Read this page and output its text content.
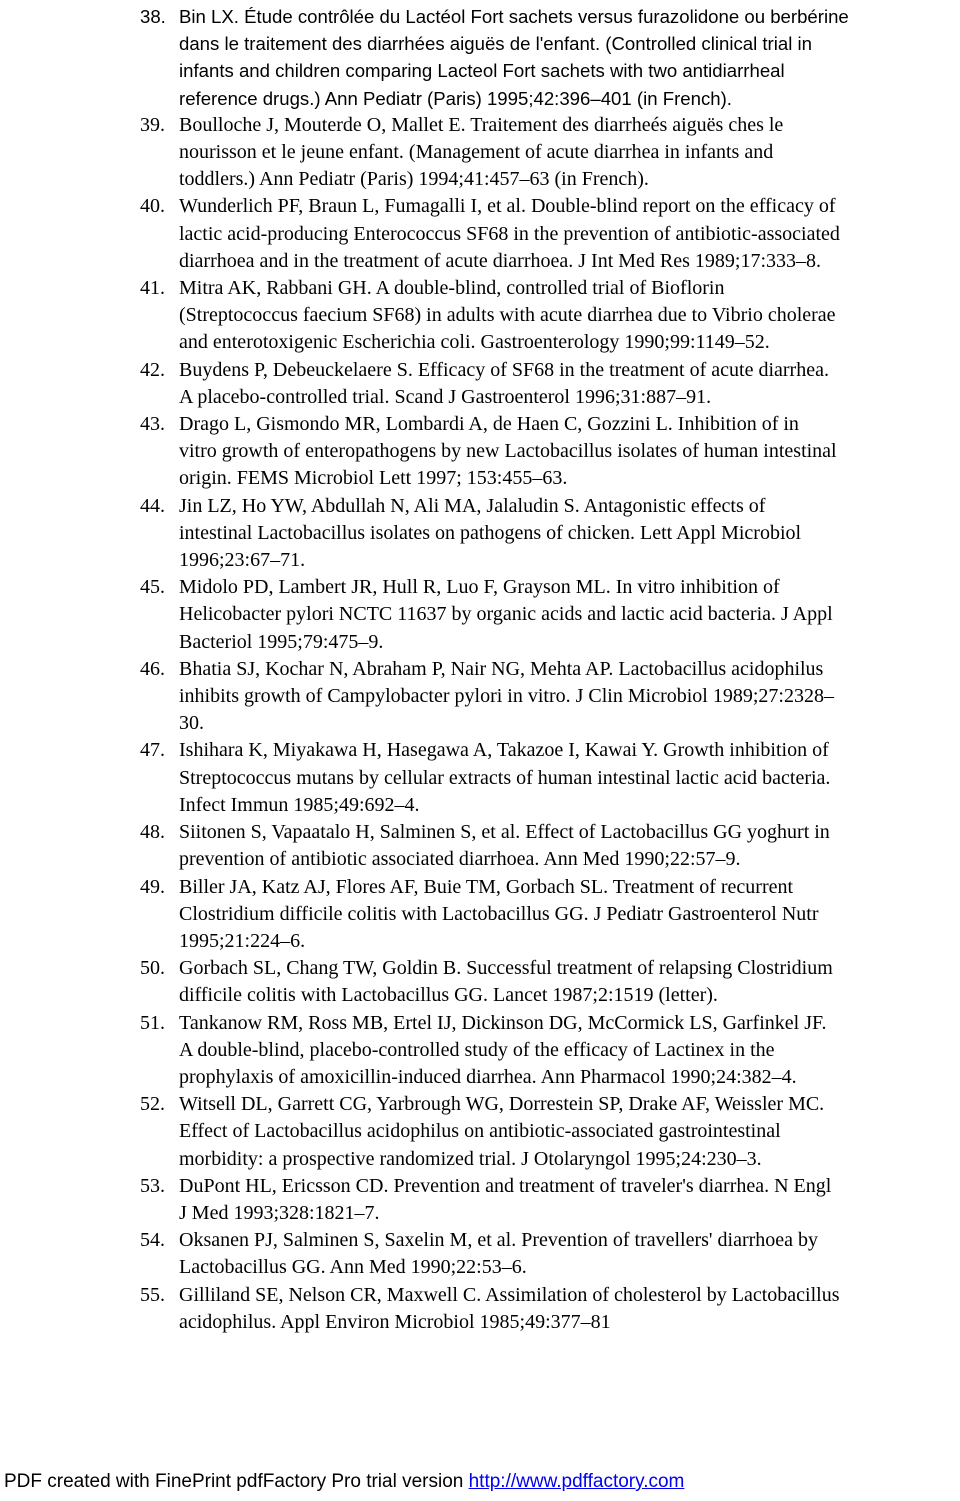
38. Bin LX. Étude contrôlée du Lactéol Fort sachets versus furazolidone ou berbérine
dans le traitement des diarrhées aiguës de l'enfant. (Controlled clinical trial in
infants and children comparing Lacteol Fort sachets with two antidiarrheal
reference drugs.) Ann Pediatr (Paris) 1995;42:396–401 (in French).
39. Boulloche J, Mouterde O, Mallet E. Traitement des diarrheés aiguës ches le
nourisson et le jeune enfant. (Management of acute diarrhea in infants and
toddlers.) Ann Pediatr (Paris) 1994;41:457–63 (in French).
40. Wunderlich PF, Braun L, Fumagalli I, et al. Double-blind report on the efficacy of
lactic acid-producing Enterococcus SF68 in the prevention of antibiotic-associated
diarrhoea and in the treatment of acute diarrhoea. J Int Med Res 1989;17:333–8.
41. Mitra AK, Rabbani GH. A double-blind, controlled trial of Bioflorin
(Streptococcus faecium SF68) in adults with acute diarrhea due to Vibrio cholerae
and enterotoxigenic Escherichia coli. Gastroenterology 1990;99:1149–52.
42. Buydens P, Debeuckelaere S. Efficacy of SF68 in the treatment of acute diarrhea.
A placebo-controlled trial. Scand J Gastroenterol 1996;31:887–91.
43. Drago L, Gismondo MR, Lombardi A, de Haen C, Gozzini L. Inhibition of in
vitro growth of enteropathogens by new Lactobacillus isolates of human intestinal
origin. FEMS Microbiol Lett 1997; 153:455–63.
44. Jin LZ, Ho YW, Abdullah N, Ali MA, Jalaludin S. Antagonistic effects of
intestinal Lactobacillus isolates on pathogens of chicken. Lett Appl Microbiol
1996;23:67–71.
45. Midolo PD, Lambert JR, Hull R, Luo F, Grayson ML. In vitro inhibition of
Helicobacter pylori NCTC 11637 by organic acids and lactic acid bacteria. J Appl
Bacteriol 1995;79:475–9.
46. Bhatia SJ, Kochar N, Abraham P, Nair NG, Mehta AP. Lactobacillus acidophilus
inhibits growth of Campylobacter pylori in vitro. J Clin Microbiol 1989;27:2328–
30.
47. Ishihara K, Miyakawa H, Hasegawa A, Takazoe I, Kawai Y. Growth inhibition of
Streptococcus mutans by cellular extracts of human intestinal lactic acid bacteria.
Infect Immun 1985;49:692–4.
48. Siitonen S, Vapaatalo H, Salminen S, et al. Effect of Lactobacillus GG yoghurt in
prevention of antibiotic associated diarrhoea. Ann Med 1990;22:57–9.
49. Biller JA, Katz AJ, Flores AF, Buie TM, Gorbach SL. Treatment of recurrent
Clostridium difficile colitis with Lactobacillus GG. J Pediatr Gastroenterol Nutr
1995;21:224–6.
50. Gorbach SL, Chang TW, Goldin B. Successful treatment of relapsing Clostridium
difficile colitis with Lactobacillus GG. Lancet 1987;2:1519 (letter).
51. Tankanow RM, Ross MB, Ertel IJ, Dickinson DG, McCormick LS, Garfinkel JF.
A double-blind, placebo-controlled study of the efficacy of Lactinex in the
prophylaxis of amoxicillin-induced diarrhea. Ann Pharmacol 1990;24:382–4.
52. Witsell DL, Garrett CG, Yarbrough WG, Dorrestein SP, Drake AF, Weissler MC.
Effect of Lactobacillus acidophilus on antibiotic-associated gastrointestinal
morbidity: a prospective randomized trial. J Otolaryngol 1995;24:230–3.
53. DuPont HL, Ericsson CD. Prevention and treatment of traveler's diarrhea. N Engl
J Med 1993;328:1821–7.
54. Oksanen PJ, Salminen S, Saxelin M, et al. Prevention of travellers' diarrhoea by
Lactobacillus GG. Ann Med 1990;22:53–6.
55. Gilliland SE, Nelson CR, Maxwell C. Assimilation of cholesterol by Lactobacillus
acidophilus. Appl Environ Microbiol 1985;49:377–81
PDF created with FinePrint pdfFactory Pro trial version http://www.pdffactory.com
